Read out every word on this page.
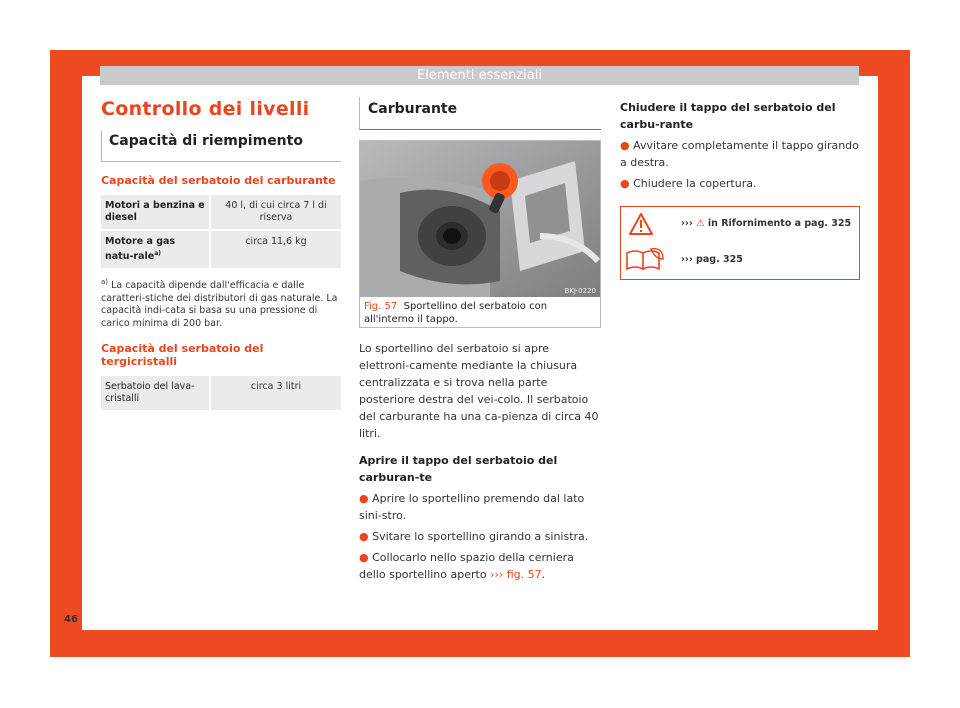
Elementi essenziali
46
Controllo dei livelli
Capacità di riempimento
Capacità del serbatoio del carburante
Motori a benzina e diesel
40 l, di cui circa 7 l di riserva
Motore a gas natu-rale$^{a)}$
circa 11,6 kg
$^{a)}$ La capacità dipende dall'efficacia e dalle caratteri-stiche dei distributori di gas naturale. La capacità indi-cata si basa su una pressione di carico minima di 200 bar.
Capacità del serbatoio del tergicristalli
Serbatoio del lava-cristalli
circa 3 litri
Carburante
BKJ-0220
Fig. 57 Sportellino del serbatoio con all'interno il tappo.
Lo sportellino del serbatoio si apre elettroni-camente mediante la chiusura centralizzata e si trova nella parte posteriore destra del vei-colo. Il serbatoio del carburante ha una ca-pienza di circa 40 litri.
Aprire il tappo del serbatoio del carburan-te
● Aprire lo sportellino premendo dal lato sini-stro.
● Svitare lo sportellino girando a sinistra.
● Collocarlo nello spazio della cerniera dello sportellino aperto ››› fig. 57.
Chiudere il tappo del serbatoio del carbu-rante
● Avvitare completamente il tappo girando a destra.
● Chiudere la copertura.
››› ⚠ in Rifornimento a pag. 325
››› pag. 325
